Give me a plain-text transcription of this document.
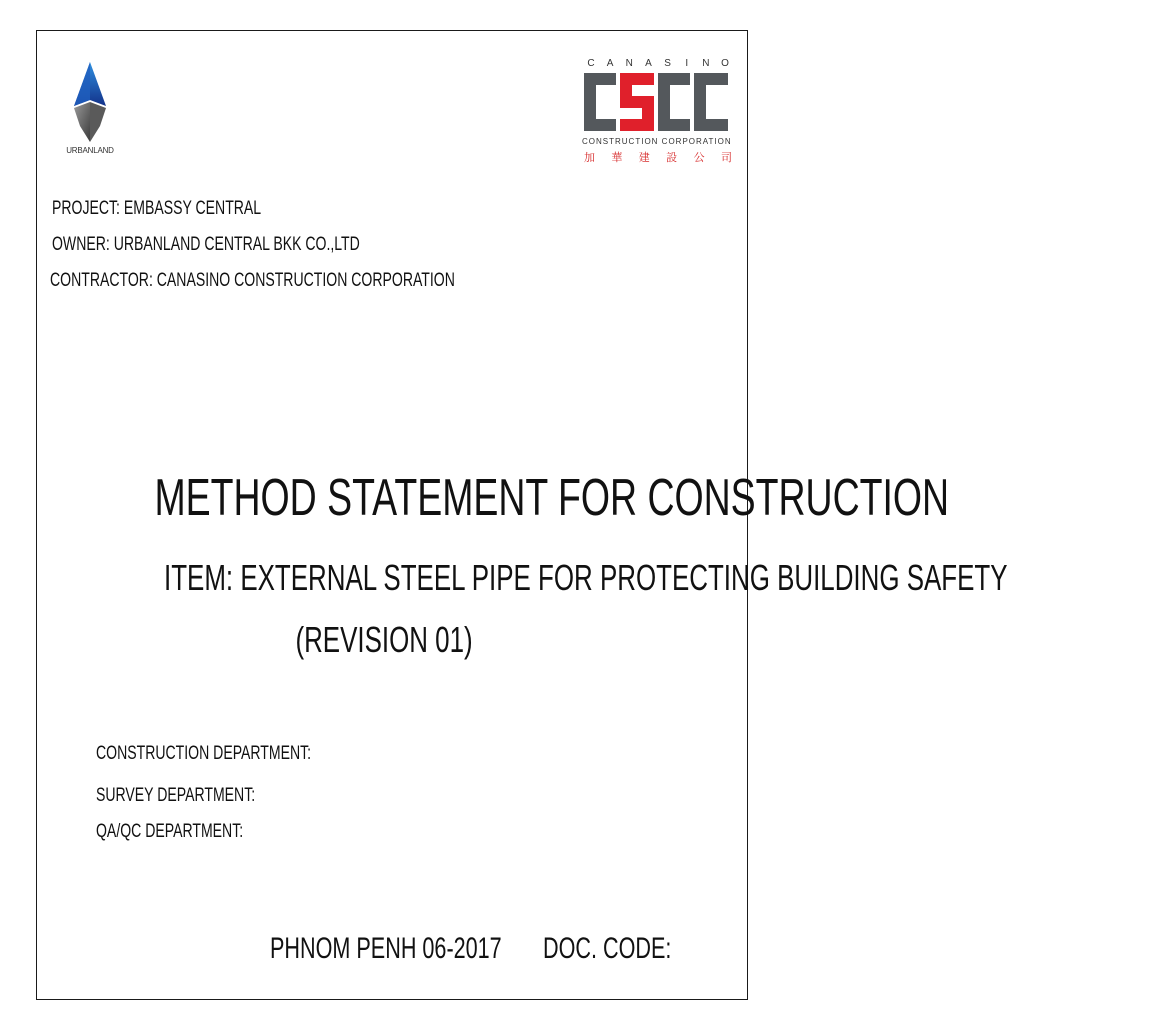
URBANLAND
C A N A S	I	N O
CONSTRUCTION CORPORATION
加 華 建 設 公 司
PROJECT: EMBASSY CENTRAL
OWNER: URBANLAND CENTRAL BKK CO.,LTD
CONTRACTOR: CANASINO CONSTRUCTION CORPORATION
METHOD STATEMENT FOR CONSTRUCTION
ITEM: EXTERNAL STEEL PIPE FOR PROTECTING BUILDING SAFETY
(REVISION 01)
CONSTRUCTION DEPARTMENT:
SURVEY DEPARTMENT:
QA/QC DEPARTMENT:
PHNOM PENH 06-2017	DOC. CODE:
